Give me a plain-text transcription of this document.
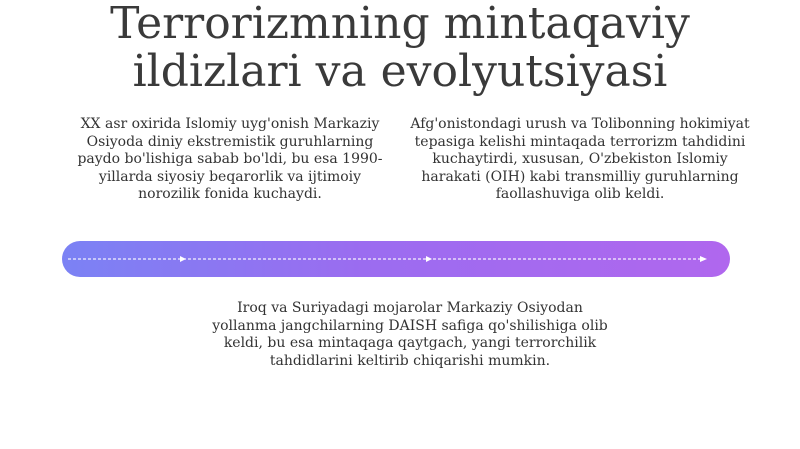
Terrorizmning mintaqaviy
ildizlari va evolyutsiyasi
XX asr oxirida Islomiy uyg'onish Markaziy Osiyoda diniy ekstremistik guruhlarning paydo bo'lishiga sabab bo'ldi, bu esa 1990-yillarda siyosiy beqarorlik va ijtimoiy norozilik fonida kuchaydi.
Afg'onistondagi urush va Tolibonning hokimiyat tepasiga kelishi mintaqada terrorizm tahdidini kuchaytirdi, xususan, O'zbekiston Islomiy harakati (OIH) kabi transmilliy guruhlarning faollashuviga olib keldi.
Iroq va Suriyadagi mojarolar Markaziy Osiyodan yollanma jangchilarning DAISH safiga qo'shilishiga olib keldi, bu esa mintaqaga qaytgach, yangi terrorchilik tahdidlarini keltirib chiqarishi mumkin.
